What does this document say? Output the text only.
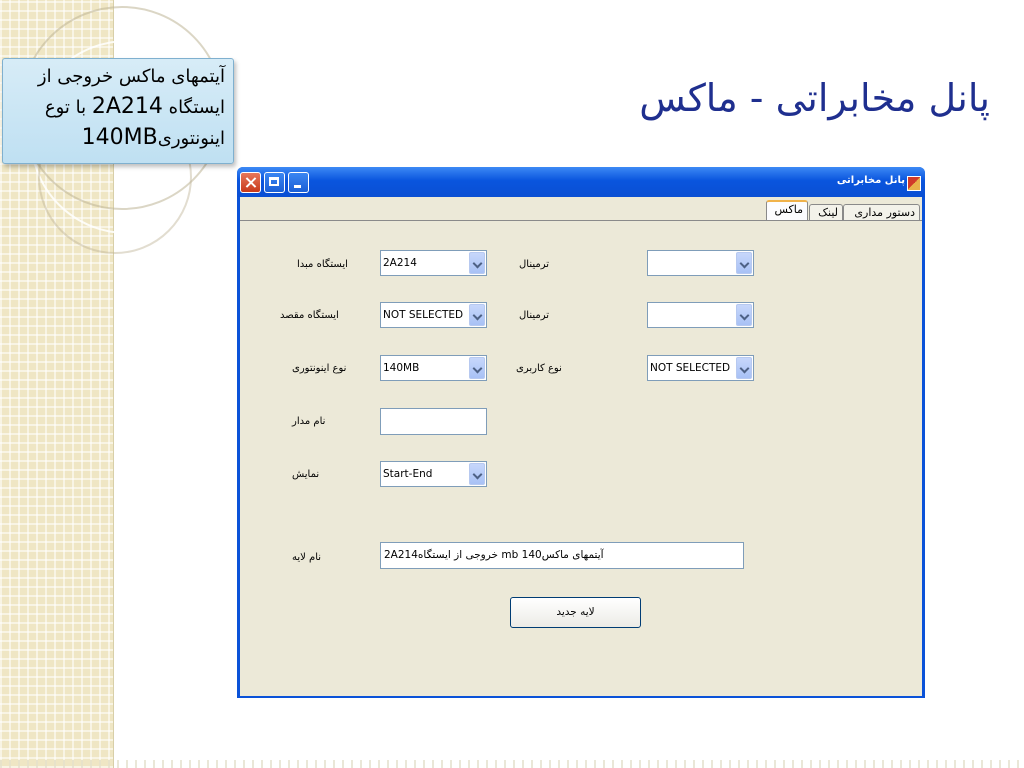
آیتمهای ماکس خروجی از
ایستگاه 2A214 با توع
اینونتوری140MB
پانل مخابراتی - ماکس
پانل مخابراتی
دستور مداری
لینک
ماکس
ایستگاه مبدا	2A214	ترمینال
ایستگاه مقصد	NOT SELECTED	ترمینال
نوع اینونتوری	140MB	نوع کاربری	NOT SELECTED
نام مدار
نمایش	Start-End
نام لایه	آیتمهای ماکس140 mb خروجی از ایستگاه2A214
لایه جدید
